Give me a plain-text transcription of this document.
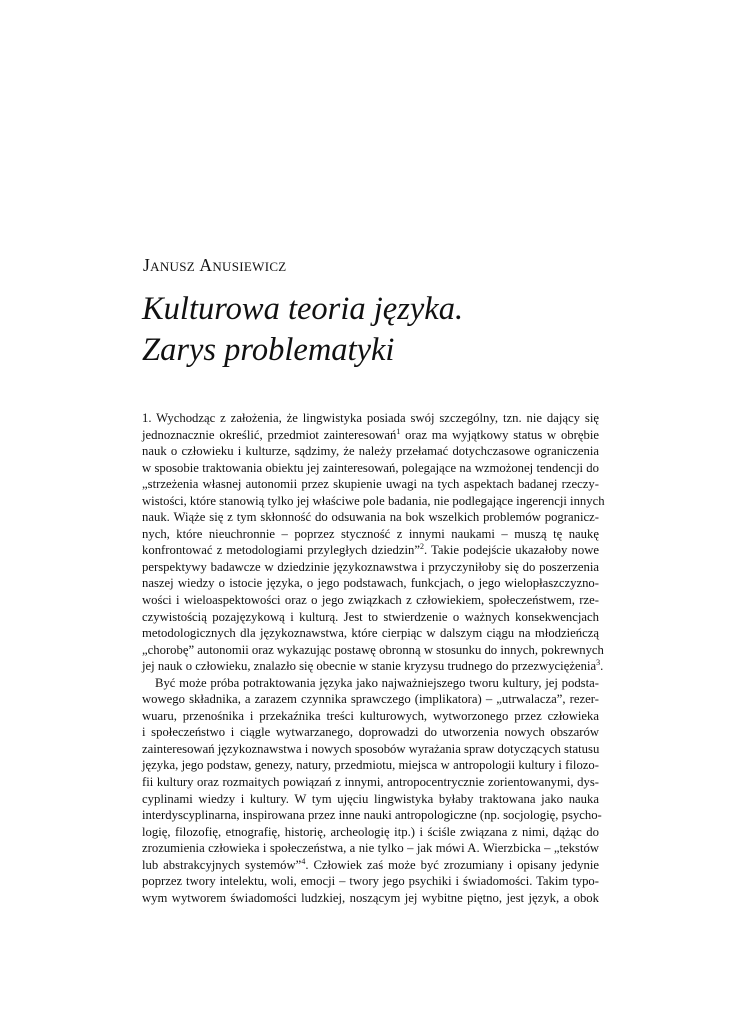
JANUSZ ANUSIEWICZ
Kulturowa teoria języka.
Zarys problematyki
1. Wychodząc z założenia, że lingwistyka posiada swój szczególny, tzn. nie dający się
jednoznacznie określić, przedmiot zainteresowań$^1$ oraz ma wyjątkowy status w obrębie
nauk o człowieku i kulturze, sądzimy, że należy przełamać dotychczasowe ograniczenia
w sposobie traktowania obiektu jej zainteresowań, polegające na wzmożonej tendencji do
„strzeżenia własnej autonomii przez skupienie uwagi na tych aspektach badanej rzeczy-
wistości, które stanowią tylko jej właściwe pole badania, nie podlegające ingerencji innych
nauk. Wiąże się z tym skłonność do odsuwania na bok wszelkich problemów pogranicz-
nych, które nieuchronnie – poprzez styczność z innymi naukami – muszą tę naukę
konfrontować z metodologiami przyległych dziedzin”$^2$. Takie podejście ukazałoby nowe
perspektywy badawcze w dziedzinie językoznawstwa i przyczyniłoby się do poszerzenia
naszej wiedzy o istocie języka, o jego podstawach, funkcjach, o jego wielopłaszczyzno-
wości i wieloaspektowości oraz o jego związkach z człowiekiem, społeczeństwem, rze-
czywistością pozajęzykową i kulturą. Jest to stwierdzenie o ważnych konsekwencjach
metodologicznych dla językoznawstwa, które cierpiąc w dalszym ciągu na młodzieńczą
„chorobę” autonomii oraz wykazując postawę obronną w stosunku do innych, pokrewnych
jej nauk o człowieku, znalazło się obecnie w stanie kryzysu trudnego do przezwyciężenia$^3$.
Być może próba potraktowania języka jako najważniejszego tworu kultury, jej podsta-
wowego składnika, a zarazem czynnika sprawczego (implikatora) – „utrwalacza”, rezer-
wuaru, przenośnika i przekaźnika treści kulturowych, wytworzonego przez człowieka
i społeczeństwo i ciągle wytwarzanego, doprowadzi do utworzenia nowych obszarów
zainteresowań językoznawstwa i nowych sposobów wyrażania spraw dotyczących statusu
języka, jego podstaw, genezy, natury, przedmiotu, miejsca w antropologii kultury i filozo-
fii kultury oraz rozmaitych powiązań z innymi, antropocentrycznie zorientowanymi, dys-
cyplinami wiedzy i kultury. W tym ujęciu lingwistyka byłaby traktowana jako nauka
interdyscyplinarna, inspirowana przez inne nauki antropologiczne (np. socjologię, psycho-
logię, filozofię, etnografię, historię, archeologię itp.) i ściśle związana z nimi, dążąc do
zrozumienia człowieka i społeczeństwa, a nie tylko – jak mówi A. Wierzbicka – „tekstów
lub abstrakcyjnych systemów”$^4$. Człowiek zaś może być zrozumiany i opisany jedynie
poprzez twory intelektu, woli, emocji – twory jego psychiki i świadomości. Takim typo-
wym wytworem świadomości ludzkiej, noszącym jej wybitne piętno, jest język, a obok
